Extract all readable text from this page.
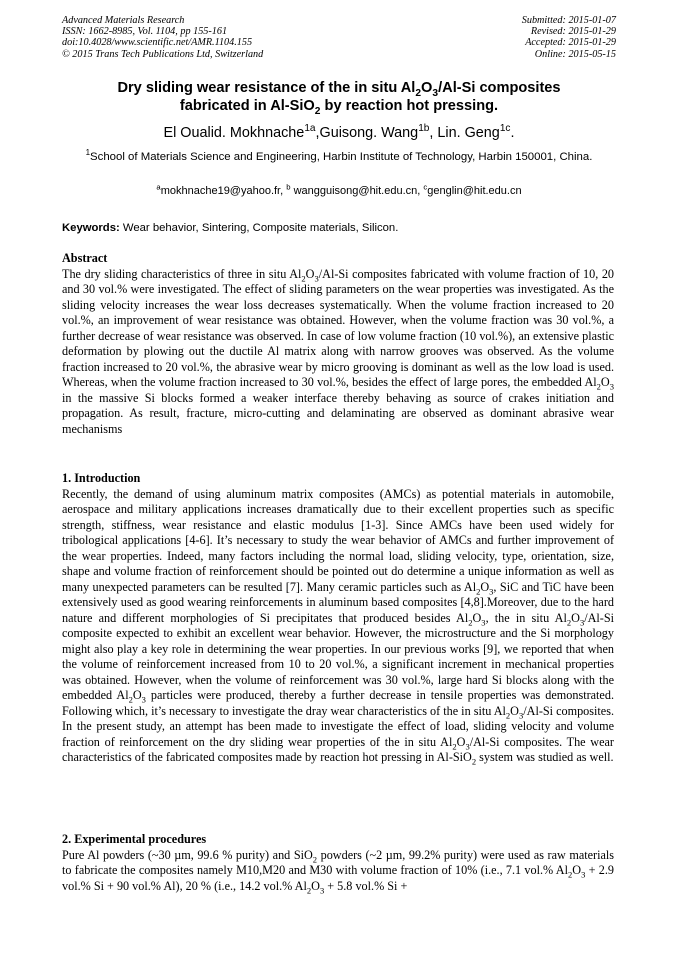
Advanced Materials Research
ISSN: 1662-8985, Vol. 1104, pp 155-161
doi:10.4028/www.scientific.net/AMR.1104.155
© 2015 Trans Tech Publications Ltd, Switzerland
Submitted: 2015-01-07
Revised: 2015-01-29
Accepted: 2015-01-29
Online: 2015-05-15
Dry sliding wear resistance of the in situ $Al_2O_3/Al-Si$ composites
fabricated in Al-SiO$_2$ by reaction hot pressing.
El Oualid. Mokhnache$^{1a}$,Guisong. Wang$^{1b}$, Lin. Geng$^{1c}$.
$^1$School of Materials Science and Engineering, Harbin Institute of Technology, Harbin 150001, China.
$^a$mokhnache19@yahoo.fr, $^b$ wangguisong@hit.edu.cn, $^c$genglin@hit.edu.cn
Keywords: Wear behavior, Sintering, Composite materials, Silicon.
Abstract

The dry sliding characteristics of three in situ $Al_2O_3/Al-Si$ composites fabricated with volume fraction of 10, 20 and 30 vol.% were investigated. The effect of sliding parameters on the wear properties was investigated. As the sliding velocity increases the wear loss decreases systematically. When the volume fraction increased to 20 vol.%, an improvement of wear resistance was obtained. However, when the volume fraction was 30 vol.%, a further decrease of wear resistance was observed. In case of low volume fraction (10 vol.%), an extensive plastic deformation by plowing out the ductile Al matrix along with narrow grooves was observed. As the volume fraction increased to 20 vol.%, the abrasive wear by micro grooving is dominant as well as the low load is used. Whereas, when the volume fraction increased to 30 vol.%, besides the effect of large pores, the embedded $Al_2O_3$ in the massive Si blocks formed a weaker interface thereby behaving as source of crakes initiation and propagation. As result, fracture, micro-cutting and delaminating are observed as dominant abrasive wear mechanisms

1. Introduction

Recently, the demand of using aluminum matrix composites (AMCs) as potential materials in automobile, aerospace and military applications increases dramatically due to their excellent properties such as specific strength, stiffness, wear resistance and elastic modulus [1-3]. Since AMCs have been used widely for tribological applications [4-6]. It’s necessary to study the wear behavior of AMCs and further improvement of the wear properties. Indeed, many factors including the normal load, sliding velocity, type, orientation, size, shape and volume fraction of reinforcement should be pointed out do determine a unique information as well as many unexpected parameters can be resulted [7]. Many ceramic particles such as $Al_2O_3$, SiC and TiC have been extensively used as good wearing reinforcements in aluminum based composites [4,8].Moreover, due to the hard nature and different morphologies of Si precipitates that produced besides $Al_2O_3$, the in situ $Al_2O_3/Al-Si$ composite expected to exhibit an excellent wear behavior. However, the microstructure and the Si morphology might also play a key role in determining the wear properties. In our previous works [9], we reported that when the volume of reinforcement increased from 10 to 20 vol.%, a significant increment in mechanical properties was obtained. However, when the volume of reinforcement was 30 vol.%, large hard Si blocks along with the embedded $Al_2O_3$ particles were produced, thereby a further decrease in tensile properties was demonstrated. Following which, it’s necessary to investigate the dray wear characteristics of the in situ $Al_2O_3/Al-Si$ composites. In the present study, an attempt has been made to investigate the effect of load, sliding velocity and volume fraction of reinforcement on the dry sliding wear properties of the in situ $Al_2O_3/Al-Si$ composites. The wear characteristics of the fabricated composites made by reaction hot pressing in Al-SiO$_2$ system was studied as well.

2. Experimental procedures

Pure Al powders (~30 µm, 99.6 % purity) and SiO$_2$ powders (~2 µm, 99.2% purity) were used as raw materials to fabricate the composites namely M10,M20 and M30 with volume fraction of 10% (i.e., 7.1 vol.% $Al_2O_3 + 2.9$ vol.% Si + 90 vol.% Al), 20 % (i.e., 14.2 vol.% $Al_2O_3 + 5.8$ vol.% Si +
